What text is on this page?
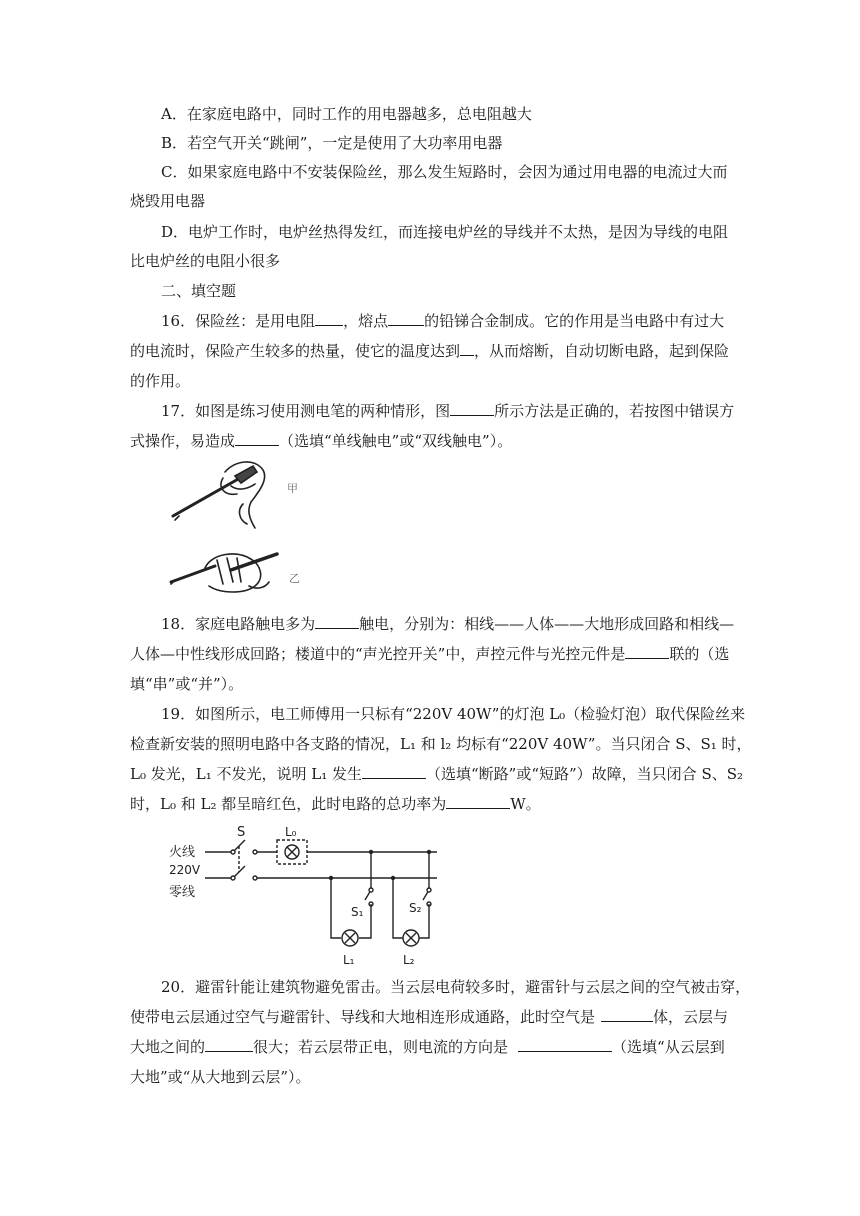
A．在家庭电路中，同时工作的用电器越多，总电阻越大
B．若空气开关“跳闸”，一定是使用了大功率用电器
C．如果家庭电路中不安装保险丝，那么发生短路时，会因为通过用电器的电流过大而
烧毁用电器
D．电炉工作时，电炉丝热得发红，而连接电炉丝的导线并不太热，是因为导线的电阻
比电炉丝的电阻小很多
二、填空题
16．保险丝：是用电阻 ，熔点 的铅锑合金制成。它的作用是当电路中有过大
的电流时，保险产生较多的热量，使它的温度达到 ，从而熔断，自动切断电路，起到保险
的作用。
17．如图是练习使用测电笔的两种情形，图	所示方法是正确的，若按图中错误方
式操作，易造成	（选填“单线触电”或“双线触电”）。
甲
乙
18．家庭电路触电多为	触电，分别为：相线——人体——大地形成回路和相线—
人体—中性线形成回路；楼道中的“声光控开关”中，声控元件与光控元件是	联的（选
填“串”或“并”）。
19．如图所示，电工师傅用一只标有“220V 40W”的灯泡 L₀（检验灯泡）取代保险丝来
检查新安装的照明电路中各支路的情况，L₁ 和 l₂ 均标有“220V 40W”。当只闭合 S、S₁ 时，
L₀ 发光，L₁ 不发光，说明 L₁ 发生	（选填“断路”或“短路”）故障，当只闭合 S、S₂
时，L₀ 和 L₂ 都呈暗红色，此时电路的总功率为	W。
火线
220V
零线
S	L₀
S₁	S₂
L₁	L₂
20．避雷针能让建筑物避免雷击。当云层电荷较多时，避雷针与云层之间的空气被击穿，
使带电云层通过空气与避雷针、导线和大地相连形成通路，此时空气是	体，云层与
大地之间的	很大；若云层带正电，则电流的方向是	（选填“从云层到
大地”或“从大地到云层”）。
